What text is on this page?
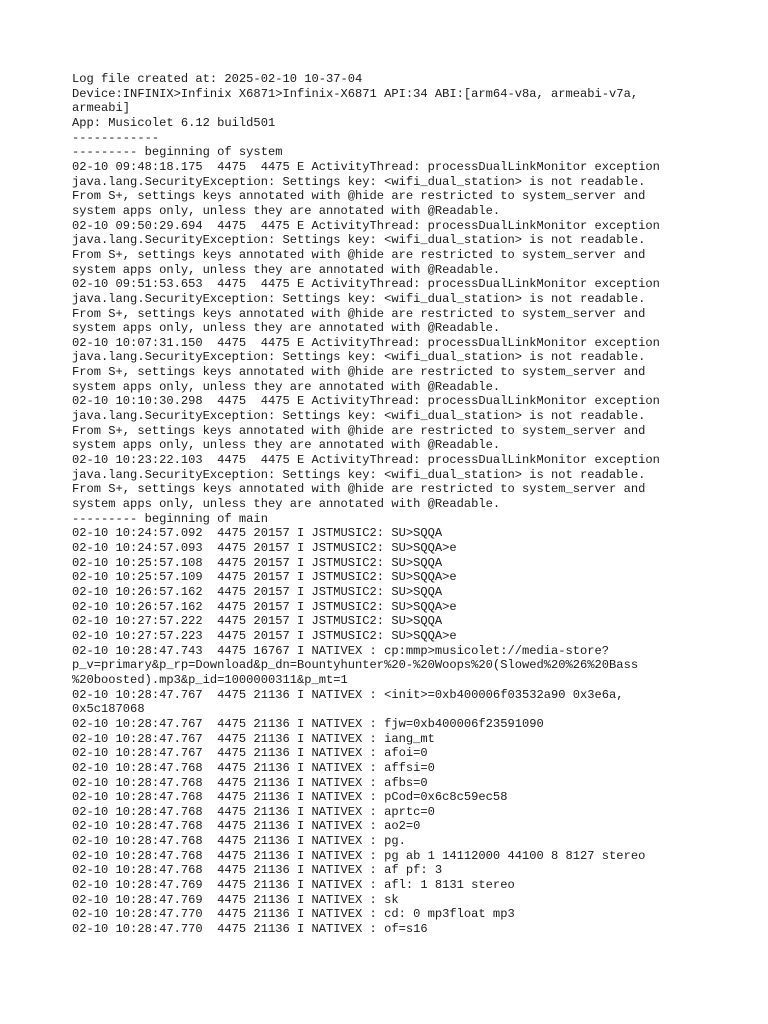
Log file created at: 2025-02-10 10-37-04
Device:INFINIX>Infinix X6871>Infinix-X6871 API:34 ABI:[arm64-v8a, armeabi-v7a,
armeabi]
App: Musicolet 6.12 build501
------------
--------- beginning of system
02-10 09:48:18.175  4475  4475 E ActivityThread: processDualLinkMonitor exception
java.lang.SecurityException: Settings key: <wifi_dual_station> is not readable.
From S+, settings keys annotated with @hide are restricted to system_server and
system apps only, unless they are annotated with @Readable.
02-10 09:50:29.694  4475  4475 E ActivityThread: processDualLinkMonitor exception
java.lang.SecurityException: Settings key: <wifi_dual_station> is not readable.
From S+, settings keys annotated with @hide are restricted to system_server and
system apps only, unless they are annotated with @Readable.
02-10 09:51:53.653  4475  4475 E ActivityThread: processDualLinkMonitor exception
java.lang.SecurityException: Settings key: <wifi_dual_station> is not readable.
From S+, settings keys annotated with @hide are restricted to system_server and
system apps only, unless they are annotated with @Readable.
02-10 10:07:31.150  4475  4475 E ActivityThread: processDualLinkMonitor exception
java.lang.SecurityException: Settings key: <wifi_dual_station> is not readable.
From S+, settings keys annotated with @hide are restricted to system_server and
system apps only, unless they are annotated with @Readable.
02-10 10:10:30.298  4475  4475 E ActivityThread: processDualLinkMonitor exception
java.lang.SecurityException: Settings key: <wifi_dual_station> is not readable.
From S+, settings keys annotated with @hide are restricted to system_server and
system apps only, unless they are annotated with @Readable.
02-10 10:23:22.103  4475  4475 E ActivityThread: processDualLinkMonitor exception
java.lang.SecurityException: Settings key: <wifi_dual_station> is not readable.
From S+, settings keys annotated with @hide are restricted to system_server and
system apps only, unless they are annotated with @Readable.
--------- beginning of main
02-10 10:24:57.092  4475 20157 I JSTMUSIC2: SU>SQQA
02-10 10:24:57.093  4475 20157 I JSTMUSIC2: SU>SQQA>e
02-10 10:25:57.108  4475 20157 I JSTMUSIC2: SU>SQQA
02-10 10:25:57.109  4475 20157 I JSTMUSIC2: SU>SQQA>e
02-10 10:26:57.162  4475 20157 I JSTMUSIC2: SU>SQQA
02-10 10:26:57.162  4475 20157 I JSTMUSIC2: SU>SQQA>e
02-10 10:27:57.222  4475 20157 I JSTMUSIC2: SU>SQQA
02-10 10:27:57.223  4475 20157 I JSTMUSIC2: SU>SQQA>e
02-10 10:28:47.743  4475 16767 I NATIVEX : cp:mmp>musicolet://media-store?
p_v=primary&p_rp=Download&p_dn=Bountyhunter%20-%20Woops%20(Slowed%20%26%20Bass
%20boosted).mp3&p_id=1000000311&p_mt=1
02-10 10:28:47.767  4475 21136 I NATIVEX : <init>=0xb400006f03532a90 0x3e6a,
0x5c187068
02-10 10:28:47.767  4475 21136 I NATIVEX : fjw=0xb400006f23591090
02-10 10:28:47.767  4475 21136 I NATIVEX : iang_mt
02-10 10:28:47.767  4475 21136 I NATIVEX : afoi=0
02-10 10:28:47.768  4475 21136 I NATIVEX : affsi=0
02-10 10:28:47.768  4475 21136 I NATIVEX : afbs=0
02-10 10:28:47.768  4475 21136 I NATIVEX : pCod=0x6c8c59ec58
02-10 10:28:47.768  4475 21136 I NATIVEX : aprtc=0
02-10 10:28:47.768  4475 21136 I NATIVEX : ao2=0
02-10 10:28:47.768  4475 21136 I NATIVEX : pg.
02-10 10:28:47.768  4475 21136 I NATIVEX : pg ab 1 14112000 44100 8 8127 stereo
02-10 10:28:47.768  4475 21136 I NATIVEX : af pf: 3
02-10 10:28:47.769  4475 21136 I NATIVEX : afl: 1 8131 stereo
02-10 10:28:47.769  4475 21136 I NATIVEX : sk
02-10 10:28:47.770  4475 21136 I NATIVEX : cd: 0 mp3float mp3
02-10 10:28:47.770  4475 21136 I NATIVEX : of=s16
